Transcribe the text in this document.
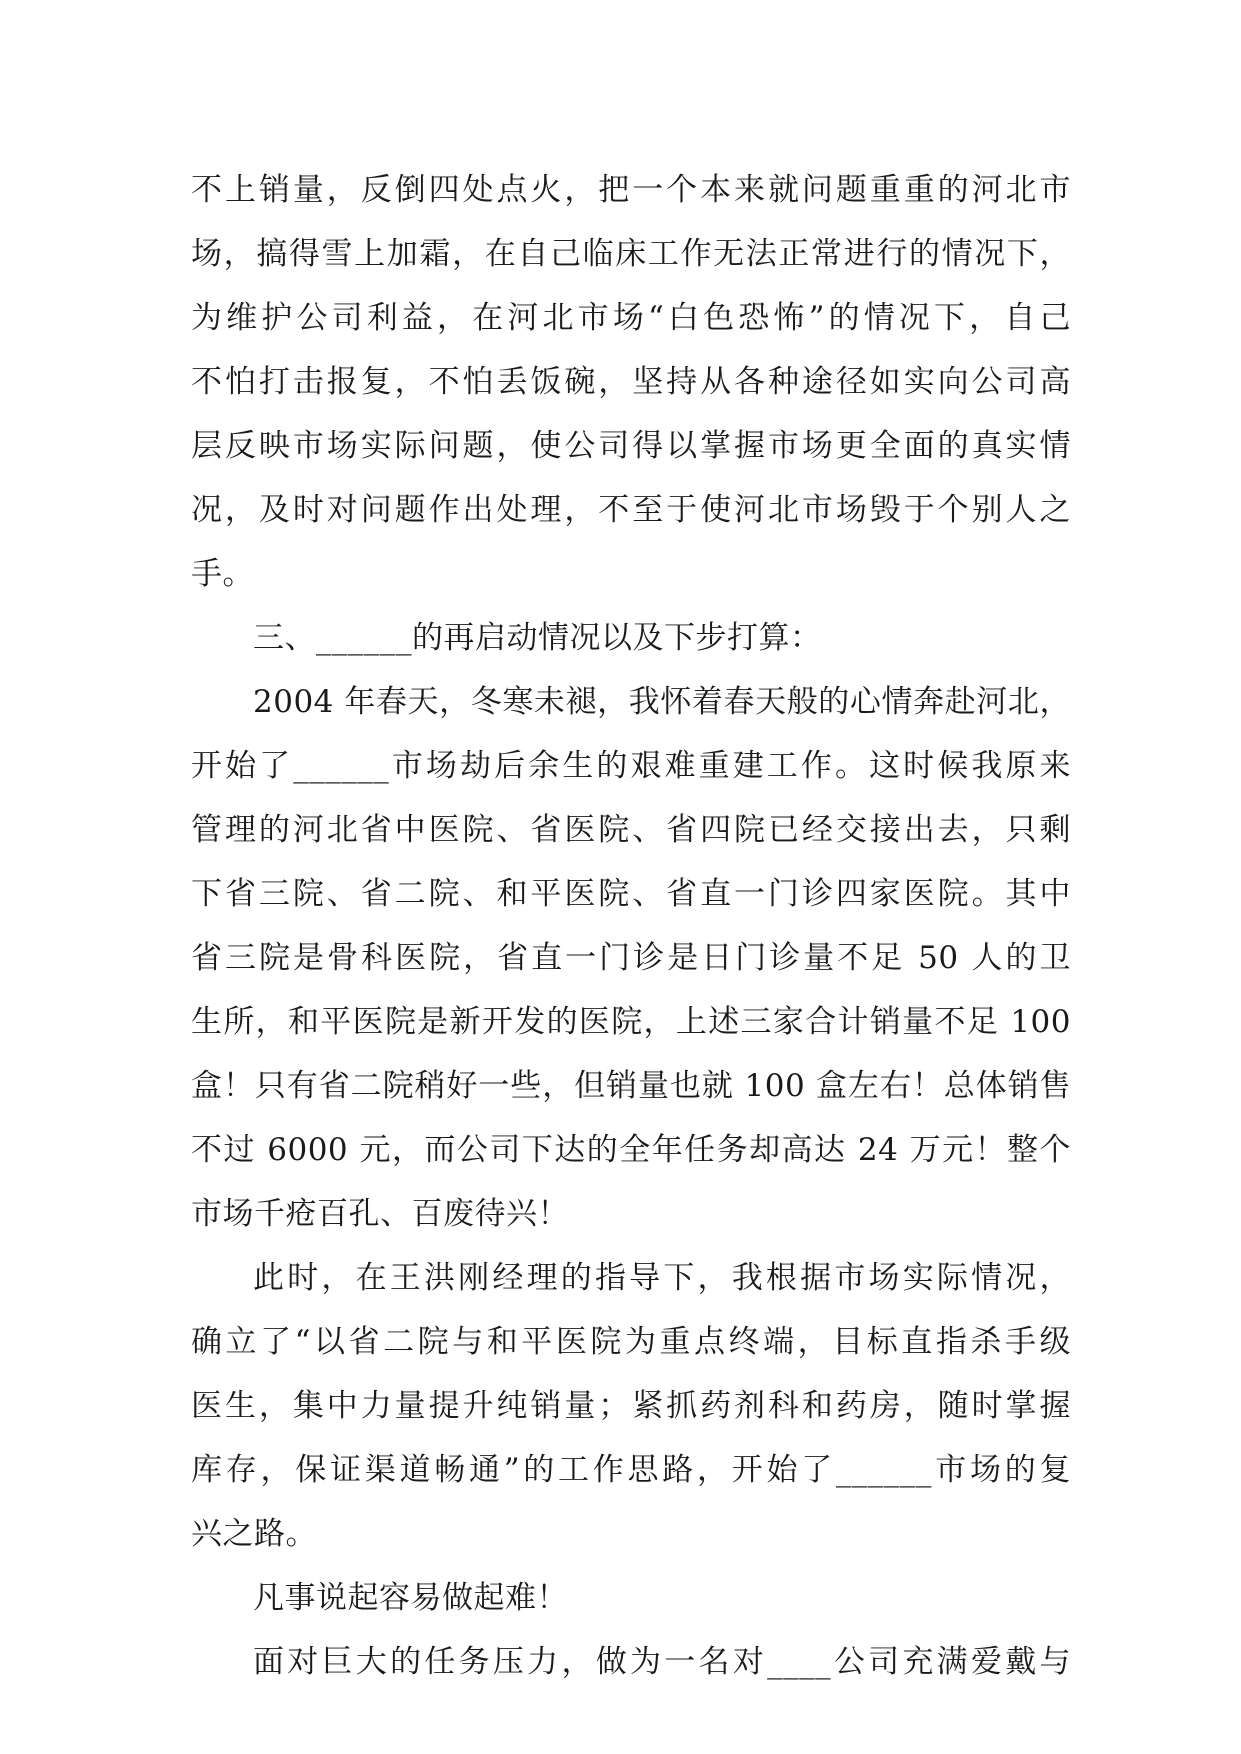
不上销量，反倒四处点火，把一个本来就问题重重的河北市
场，搞得雪上加霜，在自己临床工作无法正常进行的情况下，
为维护公司利益，在河北市场“白色恐怖”的情况下，自己
不怕打击报复，不怕丢饭碗，坚持从各种途径如实向公司高
层反映市场实际问题，使公司得以掌握市场更全面的真实情
况，及时对问题作出处理，不至于使河北市场毁于个别人之
手。
三、______的再启动情况以及下步打算：
2004 年春天，冬寒未褪，我怀着春天般的心情奔赴河北，
开始了______市场劫后余生的艰难重建工作。这时候我原来
管理的河北省中医院、省医院、省四院已经交接出去，只剩
下省三院、省二院、和平医院、省直一门诊四家医院。其中
省三院是骨科医院，省直一门诊是日门诊量不足 50 人的卫
生所，和平医院是新开发的医院，上述三家合计销量不足 100
盒！只有省二院稍好一些，但销量也就 100 盒左右！总体销售
不过 6000 元，而公司下达的全年任务却高达 24 万元！整个
市场千疮百孔、百废待兴！
此时，在王洪刚经理的指导下，我根据市场实际情况，
确立了“以省二院与和平医院为重点终端，目标直指杀手级
医生，集中力量提升纯销量；紧抓药剂科和药房，随时掌握
库存，保证渠道畅通”的工作思路，开始了______市场的复
兴之路。
凡事说起容易做起难！
面对巨大的任务压力，做为一名对____公司充满爱戴与
